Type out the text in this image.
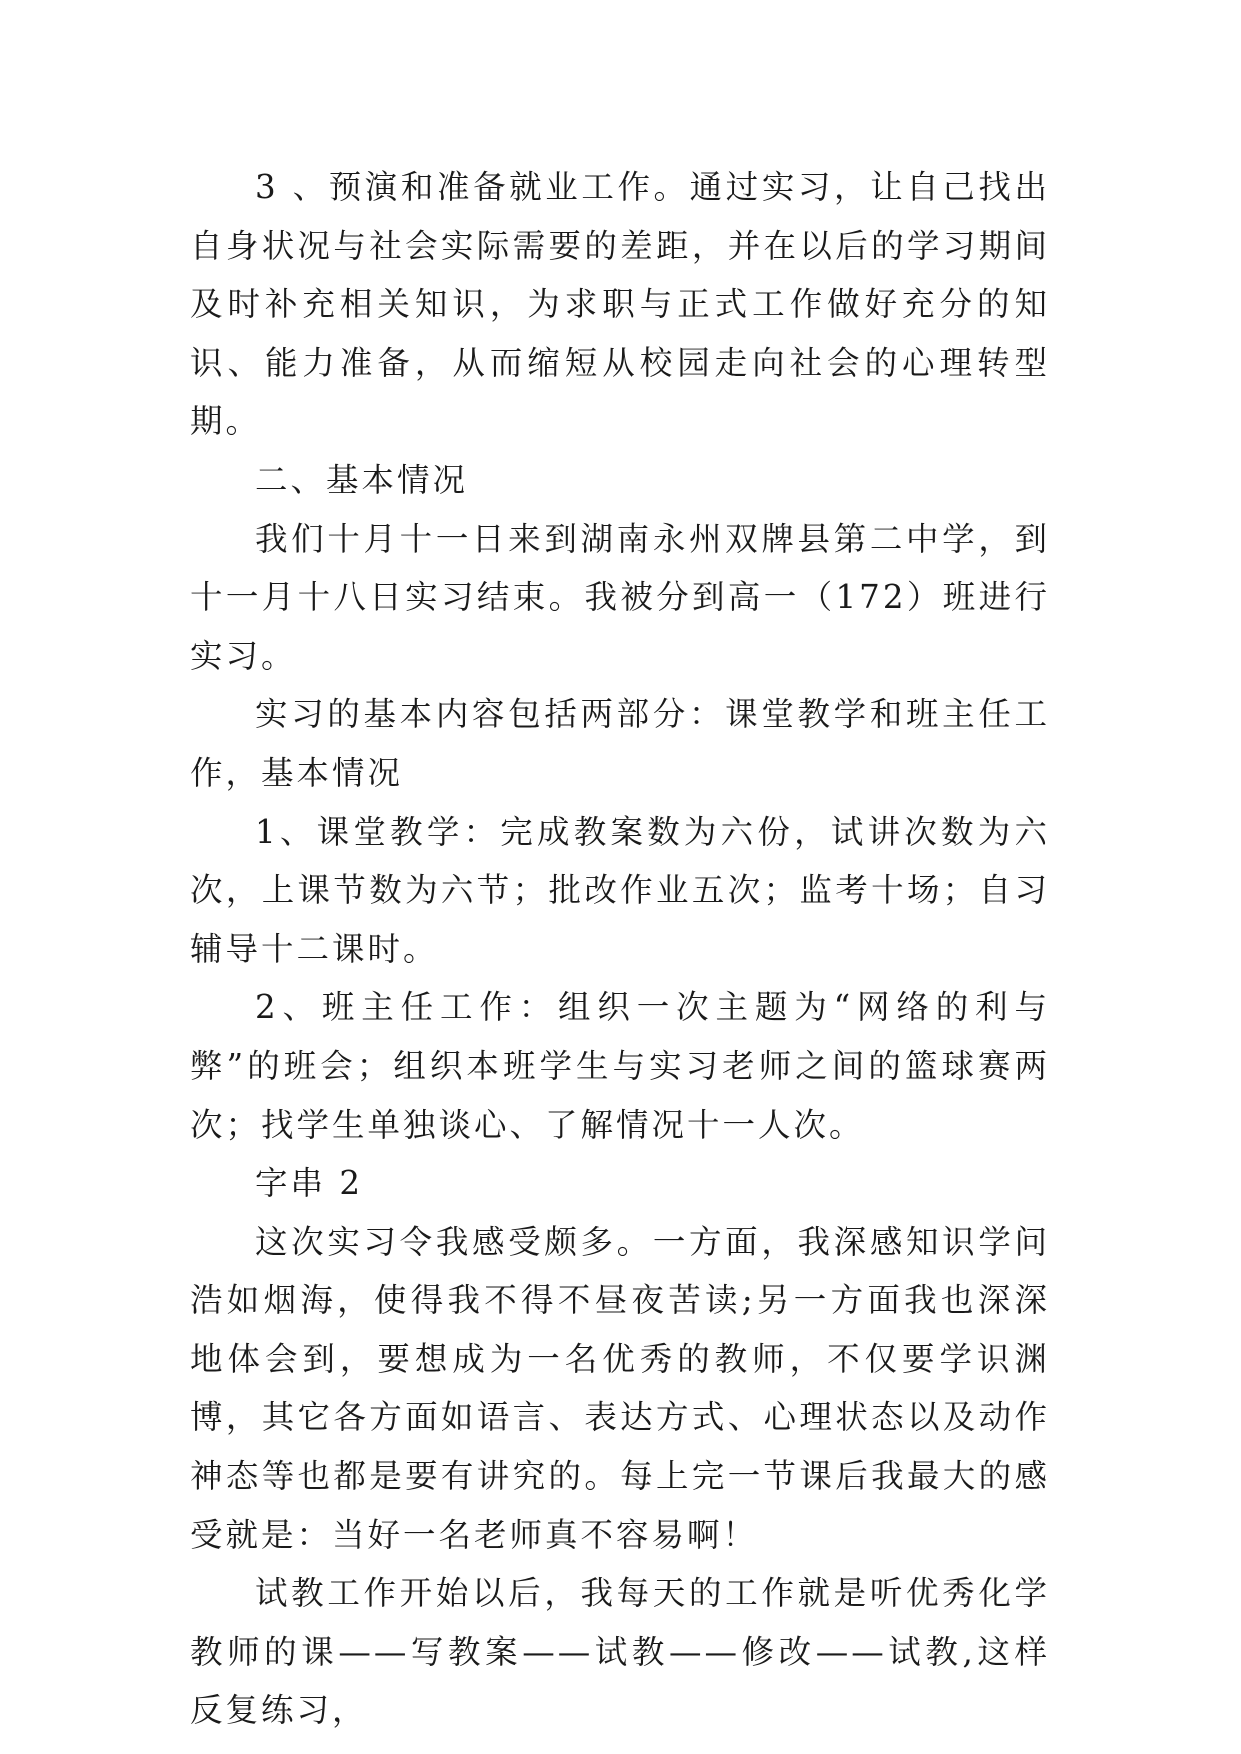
3 、预演和准备就业工作。通过实习，让自己找出自身状况与社会实际需要的差距，并在以后的学习期间及时补充相关知识，为求职与正式工作做好充分的知识、能力准备，从而缩短从校园走向社会的心理转型期。

二、基本情况

我们十月十一日来到湖南永州双牌县第二中学，到十一月十八日实习结束。我被分到高一（172）班进行实习。

实习的基本内容包括两部分：课堂教学和班主任工作，基本情况

1、课堂教学：完成教案数为六份，试讲次数为六次，上课节数为六节；批改作业五次；监考十场；自习辅导十二课时。

2、班主任工作：组织一次主题为“网络的利与弊”的班会；组织本班学生与实习老师之间的篮球赛两次；找学生单独谈心、了解情况十一人次。

字串 2

这次实习令我感受颇多。一方面，我深感知识学问浩如烟海，使得我不得不昼夜苦读;另一方面我也深深地体会到，要想成为一名优秀的教师，不仅要学识渊博，其它各方面如语言、表达方式、心理状态以及动作神态等也都是要有讲究的。每上完一节课后我最大的感受就是：当好一名老师真不容易啊！

试教工作开始以后，我每天的工作就是听优秀化学教师的课——写教案——试教——修改——试教,这样反复练习，
